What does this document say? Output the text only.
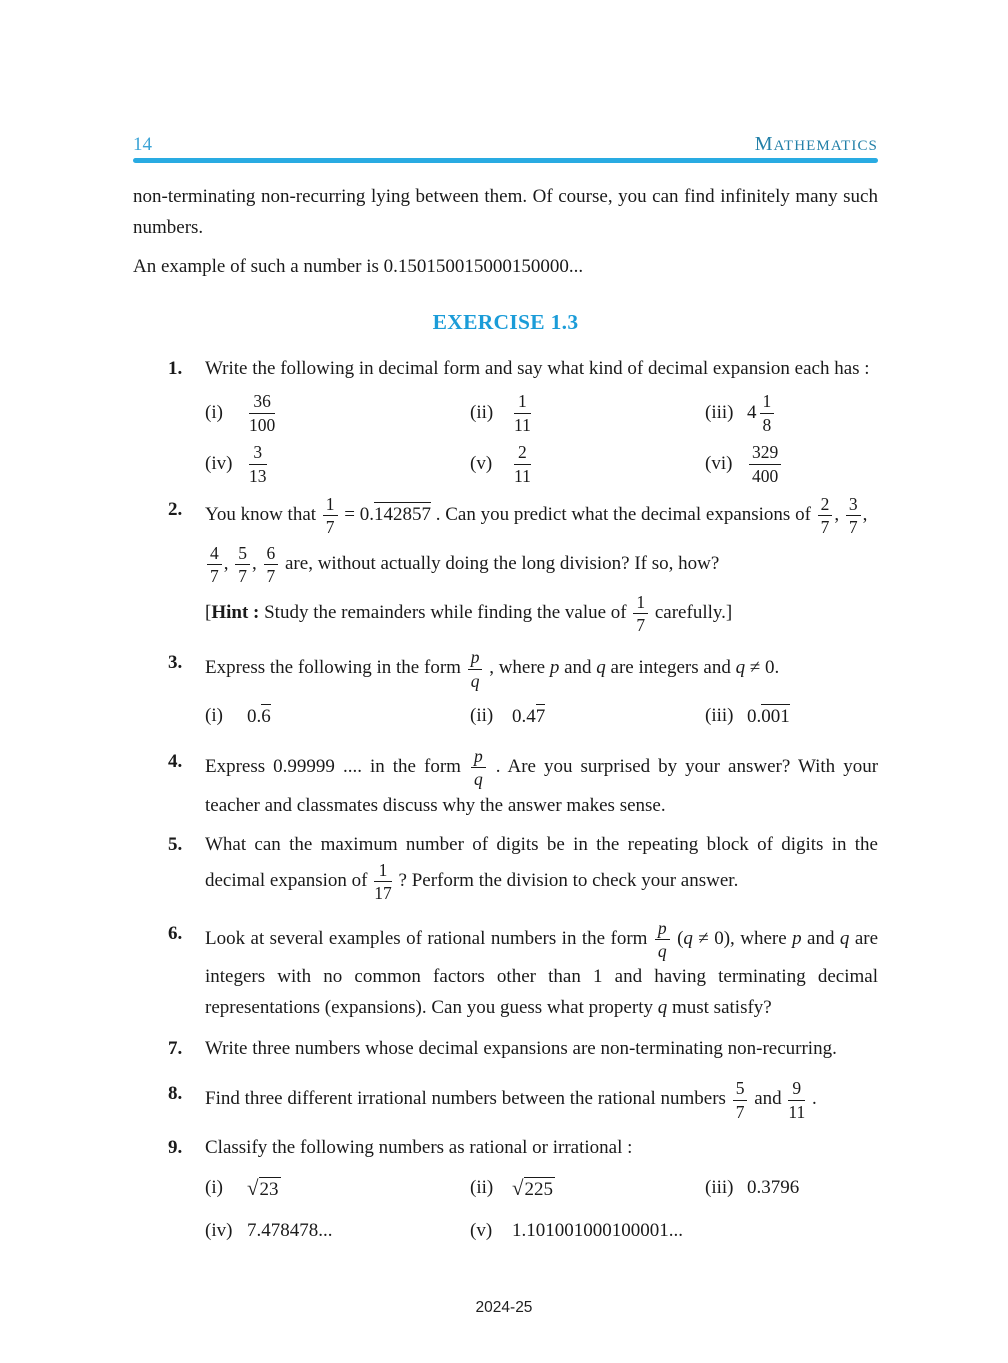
14	MATHEMATICS

non-terminating non-recurring lying between them. Of course, you can find infinitely many such numbers.

An example of such a number is 0.150150015000150000...

EXERCISE 1.3
1.	Write the following in decimal form and say what kind of decimal expansion each has :
(i)	$\frac{36}{100}$	(ii)	$\frac{1}{11}$	(iii) $4 \frac{1}{8}$
$(iv) \frac{3}{13}$	(v)	$\frac{2}{11}$	$(vi) \frac{329}{400}$
2.	You know that $\frac{1}{7} = 0.142857$ . Can you predict what the decimal expansions of $\frac{2}{7}$ , $\frac{3}{7}$ ,
$\frac{4}{7}$ , $\frac{5}{7}$ , $\frac{6}{7}$ are, without actually doing the long division? If so, how?
[Hint : Study the remainders while finding the value of $\frac{1}{7}$ carefully.]
3.	Express the following in the form $\frac{p}{q}$ , where p and q are integers and q ≠ 0.
(i)	0.6	(ii) 0.47	(iii) 0.001
4.	Express 0.99999 .... in the form $\frac{p}{q}$ . Are you surprised by your answer? With your teacher and classmates discuss why the answer makes sense.
5.	What can the maximum number of digits be in the repeating block of digits in the decimal expansion of $\frac{1}{17}$ ? Perform the division to check your answer.
6.	Look at several examples of rational numbers in the form $\frac{p}{q} (q \ne 0)$, where p and q are integers with no common factors other than 1 and having terminating decimal representations (expansions). Can you guess what property q must satisfy?
7.	Write three numbers whose decimal expansions are non-terminating non-recurring.
8.	Find three different irrational numbers between the rational numbers $\frac{5}{7}$ and $\frac{9}{11}$ .
9.	Classify the following numbers as rational or irrational :
(i)	√23	(ii) √225	(iii) 0.3796
(iv) 7.478478...	(v)	1.101001000100001...
2024-25
